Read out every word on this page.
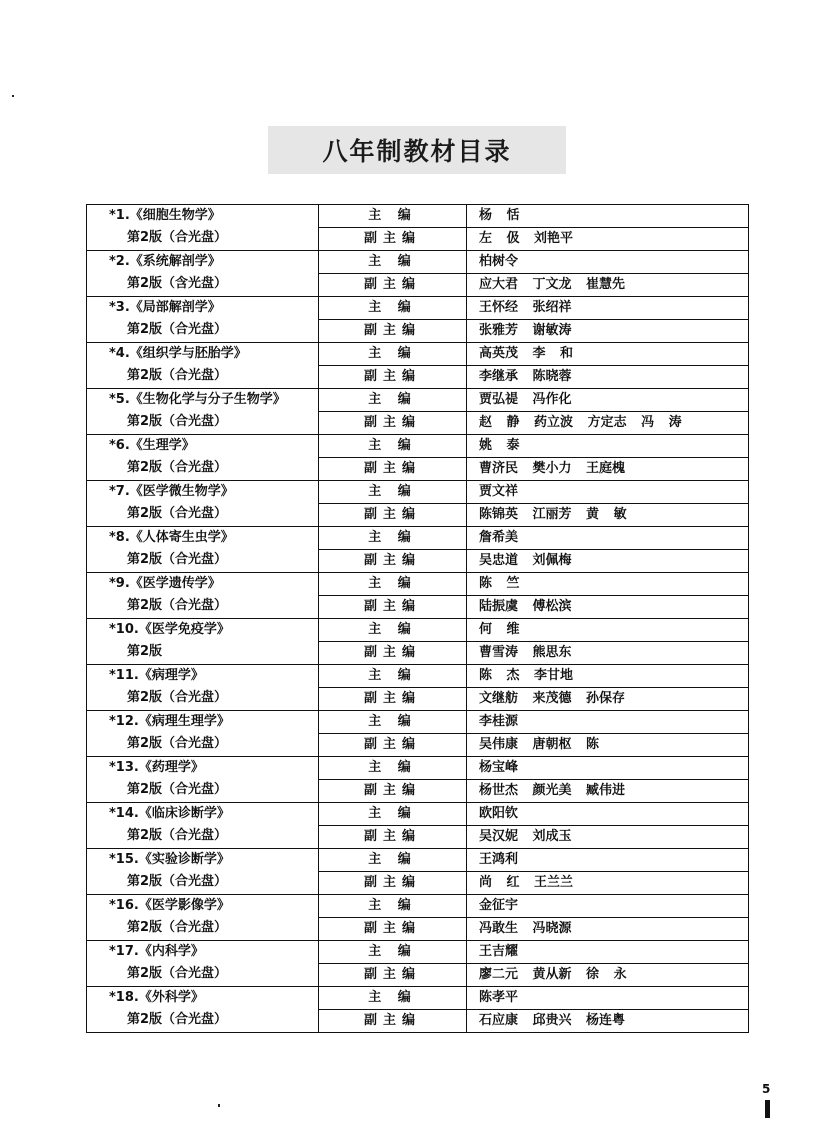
八年制教材目录
*1.《细胞生物学》
第2版（合光盘）	主 编	杨 恬
	副主编	左 伋 刘艳平

*2.《系统解剖学》
第2版（含光盘）	主 编	柏树令
	副主编	应大君 丁文龙 崔慧先

*3.《局部解剖学》
第2版（合光盘）	主 编	王怀经 张绍祥
	副主编	张雅芳 谢敏涛

*4.《组织学与胚胎学》
第2版（合光盘）	主 编	高英茂 李 和
	副主编	李继承 陈晓蓉

*5.《生物化学与分子生物学》
第2版（合光盘）	主 编	贾弘禔 冯作化
	副主编	赵 静 药立波 方定志 冯 涛

*6.《生理学》
第2版（合光盘）	主 编	姚 泰
	副主编	曹济民 樊小力 王庭槐

*7.《医学微生物学》
第2版（合光盘）	主 编	贾文祥
	副主编	陈锦英 江丽芳 黄 敏

*8.《人体寄生虫学》
第2版（合光盘）	主 编	詹希美
	副主编	吴忠道 刘佩梅

*9.《医学遗传学》
第2版（合光盘）	主 编	陈 竺
	副主编	陆振虞 傅松滨

*10.《医学免疫学》
第2版	主 编	何 维
	副主编	曹雪涛 熊思东

*11.《病理学》
第2版（合光盘）	主 编	陈 杰 李甘地
	副主编	文继舫 来茂德 孙保存

*12.《病理生理学》
第2版（合光盘）	主 编	李桂源
	副主编	吴伟康 唐朝枢 陈

*13.《药理学》
第2版（合光盘）	主 编	杨宝峰
	副主编	杨世杰 颜光美 臧伟进

*14.《临床诊断学》
第2版（合光盘）	主 编	欧阳钦
	副主编	吴汉妮 刘成玉

*15.《实验诊断学》
第2版（合光盘）	主 编	王鸿利
	副主编	尚 红 王兰兰

*16.《医学影像学》
第2版（合光盘）	主 编	金征宇
	副主编	冯敢生 冯晓源

*17.《内科学》
第2版（合光盘）	主 编	王吉耀
	副主编	廖二元 黄从新 徐 永

*18.《外科学》
第2版（合光盘）	主 编	陈孝平
	副主编	石应康 邱贵兴 杨连粤
5
